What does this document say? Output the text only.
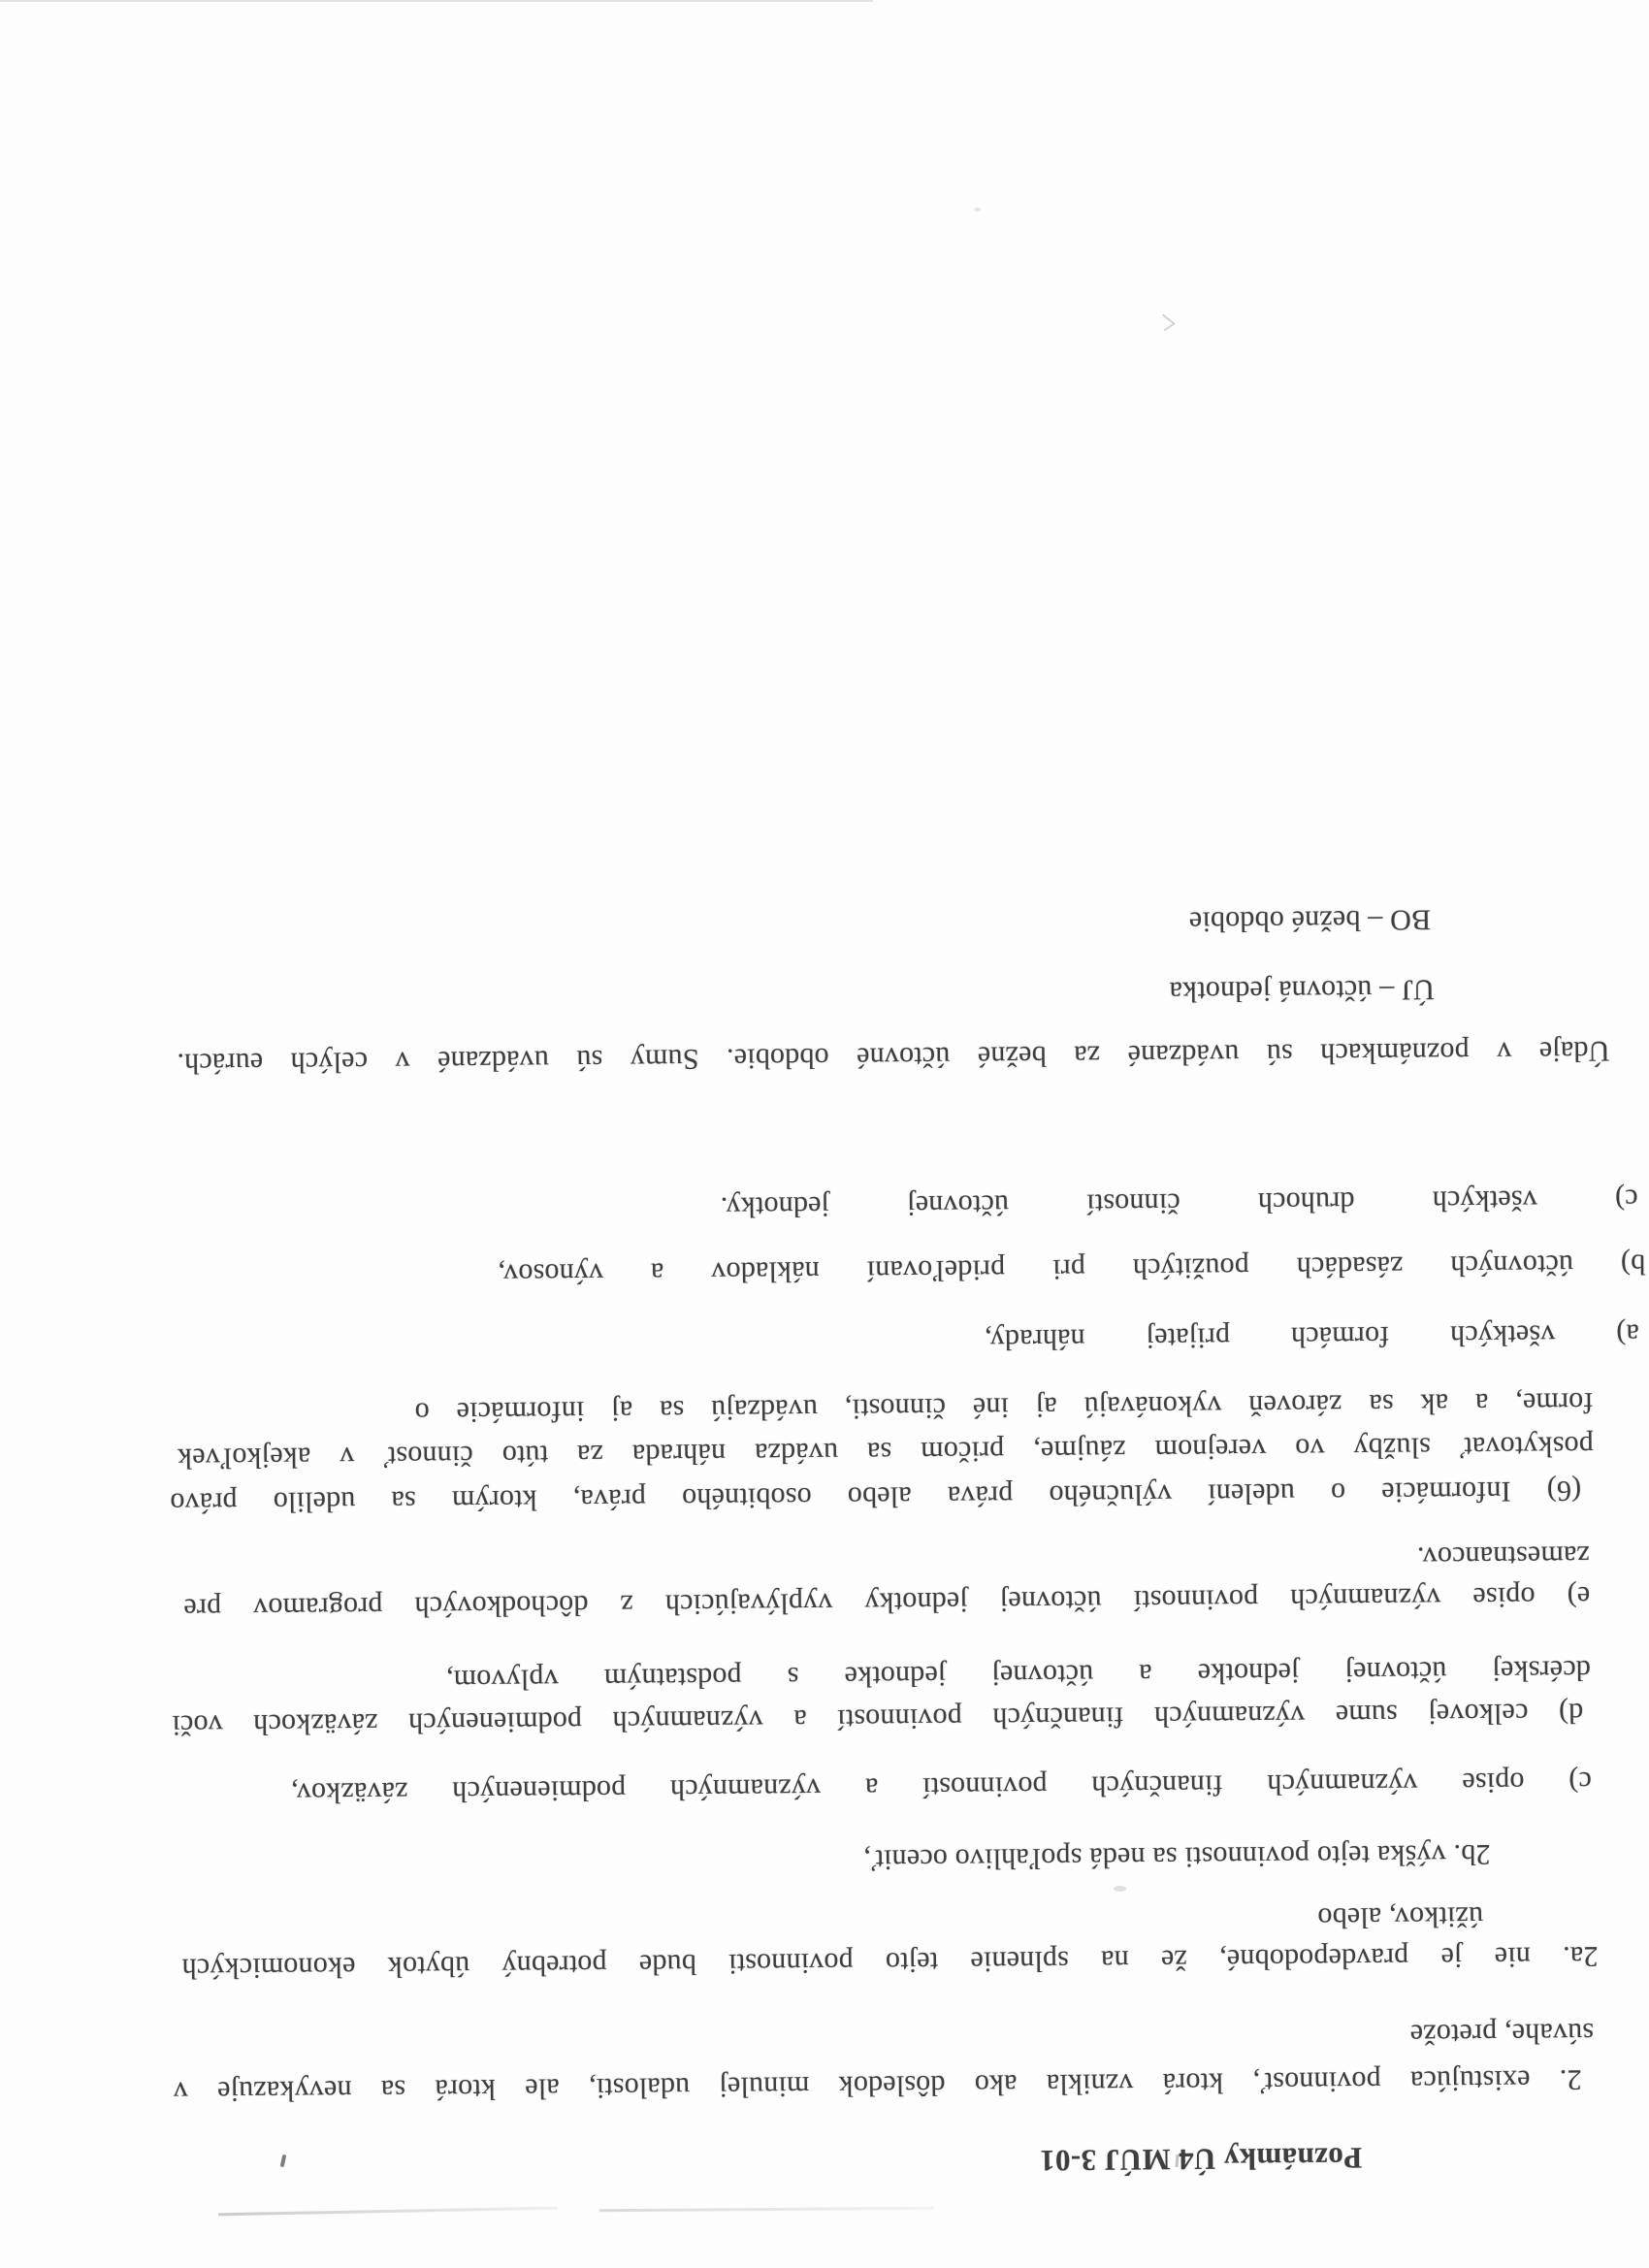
Poznámky Ú4 MÚJ 3-01
2. existujúca povinnosť, ktorá vznikla ako dôsledok minulej udalosti, ale ktorá sa nevykazuje v
súvahe, pretože
2a. nie je pravdepodobné, že na splnenie tejto povinnosti bude potrebný úbytok ekonomických
úžitkov, alebo
2b. výška tejto povinnosti sa nedá spoľahlivo oceniť,
c) opise významných finančných povinností a významných podmienených záväzkov,
d) celkovej sume významných finančných povinností a významných podmienených záväzkoch voči
dcérskej účtovnej jednotke a účtovnej jednotke s podstatným vplyvom,
e) opise významných povinností účtovnej jednotky vyplývajúcich z dôchodkových programov pre
zamestnancov.
(6) Informácie o udelení výlučného práva alebo osobitného práva, ktorým sa udelilo právo
poskytovať služby vo verejnom záujme, pričom sa uvádza náhrada za túto činnosť v akejkoľvek
forme, a ak sa zároveň vykonávajú aj iné činnosti, uvádzajú sa aj informácie o
a) všetkých formách prijatej náhrady,
b) účtovných zásadách použitých pri prideľovaní nákladov a výnosov,
c) všetkých druhoch činností účtovnej jednotky.
Údaje v poznámkach sú uvádzané za bežné účtovné obdobie. Sumy sú uvádzané v celých eurách.
ÚJ – účtovná jednotka
BO – bežné obdobie
